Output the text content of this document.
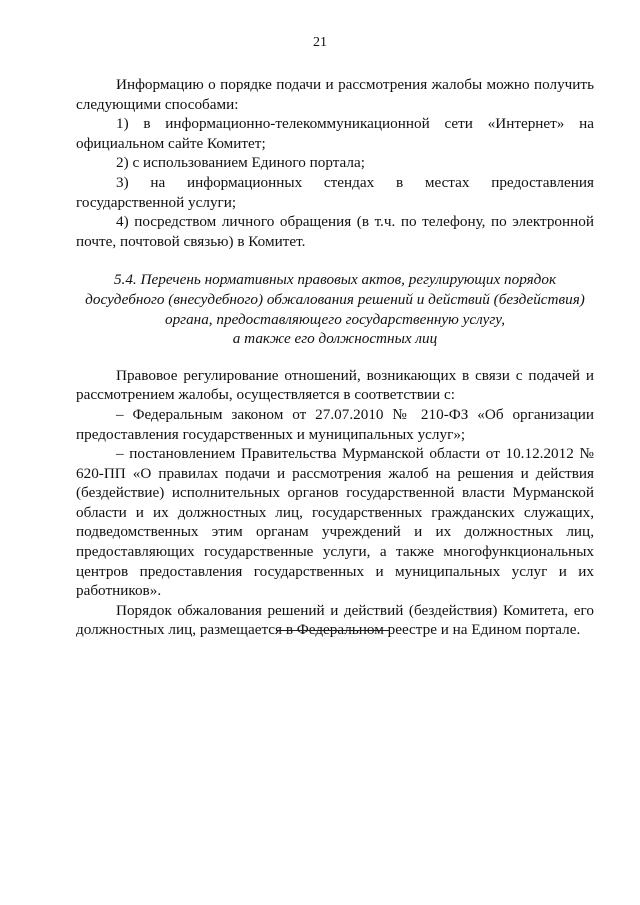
21

Информацию о порядке подачи и рассмотрения жалобы можно получить следующими способами:

1) в информационно-телекоммуникационной сети «Интернет» на официальном сайте Комитет;

2) с использованием Единого портала;

3) на информационных стендах в местах предоставления государственной услуги;

4) посредством личного обращения (в т.ч. по телефону, по электронной почте, почтовой связью) в Комитет.

5.4. Перечень нормативных правовых актов, регулирующих порядок
досудебного (внесудебного) обжалования решений и действий (бездействия)
органа, предоставляющего государственную услугу,
а также его должностных лиц

Правовое регулирование отношений, возникающих в связи с подачей и рассмотрением жалобы, осуществляется в соответствии с:

– Федеральным законом от 27.07.2010 № 210-ФЗ «Об организации предоставления государственных и муниципальных услуг»;

– постановлением Правительства Мурманской области от 10.12.2012 № 620-ПП «О правилах подачи и рассмотрения жалоб на решения и действия (бездействие) исполнительных органов государственной власти Мурманской области и их должностных лиц, государственных гражданских служащих, подведомственных этим органам учреждений и их должностных лиц, предоставляющих государственные услуги, а также многофункциональных центров предоставления государственных и муниципальных услуг и их работников».

Порядок обжалования решений и действий (бездействия) Комитета, его должностных лиц, размещается в Федеральном реестре и на Едином портале.
